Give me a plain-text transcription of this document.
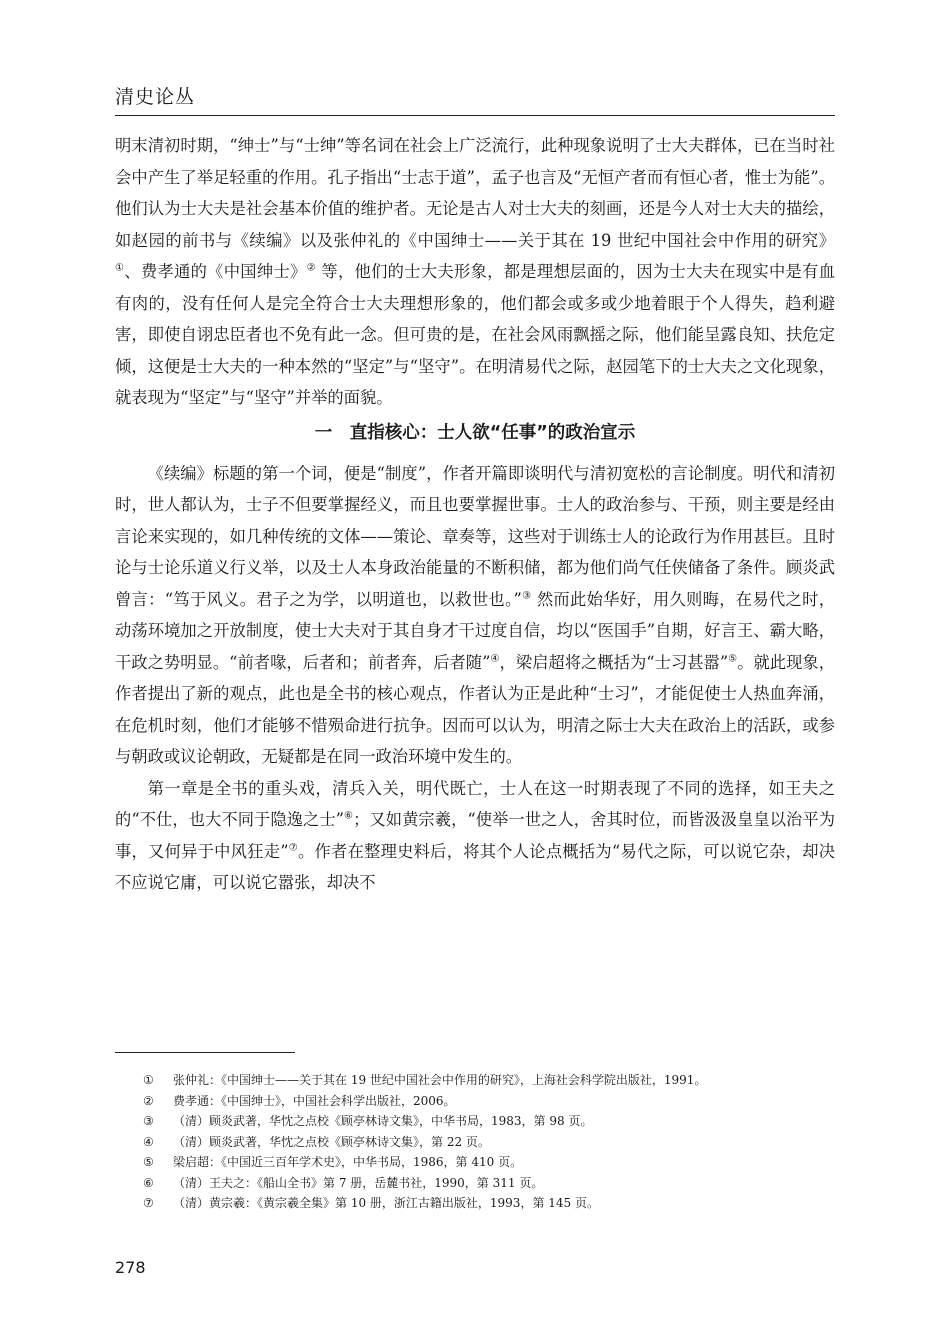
清史论丛

明末清初时期，“绅士”与“士绅”等名词在社会上广泛流行，此种现象说明了士大夫群体，已在当时社会中产生了举足轻重的作用。孔子指出“士志于道”，孟子也言及“无恒产者而有恒心者，惟士为能”。他们认为士大夫是社会基本价值的维护者。无论是古人对士大夫的刻画，还是今人对士大夫的描绘，如赵园的前书与《续编》以及张仲礼的《中国绅士——关于其在 19 世纪中国社会中作用的研究》①、费孝通的《中国绅士》② 等，他们的士大夫形象，都是理想层面的，因为士大夫在现实中是有血有肉的，没有任何人是完全符合士大夫理想形象的，他们都会或多或少地着眼于个人得失，趋利避害，即使自诩忠臣者也不免有此一念。但可贵的是，在社会风雨飘摇之际，他们能呈露良知、扶危定倾，这便是士大夫的一种本然的“坚定”与“坚守”。在明清易代之际，赵园笔下的士大夫之文化现象，就表现为“坚定”与“坚守”并举的面貌。

一　直指核心：士人欲“任事”的政治宣示

《续编》标题的第一个词，便是“制度”，作者开篇即谈明代与清初宽松的言论制度。明代和清初时，世人都认为，士子不但要掌握经义，而且也要掌握世事。士人的政治参与、干预，则主要是经由言论来实现的，如几种传统的文体——策论、章奏等，这些对于训练士人的论政行为作用甚巨。且时论与士论乐道义行义举，以及士人本身政治能量的不断积储，都为他们尚气任侠储备了条件。顾炎武曾言：“笃于风义。君子之为学，以明道也，以救世也。”③ 然而此始华好，用久则晦，在易代之时，动荡环境加之开放制度，使士大夫对于其自身才干过度自信，均以“医国手”自期，好言王、霸大略，干政之势明显。“前者喙，后者和；前者奔，后者随”④，梁启超将之概括为“士习甚嚣”⑤。就此现象，作者提出了新的观点，此也是全书的核心观点，作者认为正是此种“士习”，才能促使士人热血奔涌，在危机时刻，他们才能够不惜殒命进行抗争。因而可以认为，明清之际士大夫在政治上的活跃，或参与朝政或议论朝政，无疑都是在同一政治环境中发生的。

第一章是全书的重头戏，清兵入关，明代既亡，士人在这一时期表现了不同的选择，如王夫之的“不仕，也大不同于隐逸之士”⑥；又如黄宗羲，“使举一世之人，舍其时位，而皆汲汲皇皇以治平为事，又何异于中风狂走”⑦。作者在整理史料后，将其个人论点概括为“易代之际，可以说它杂，却决不应说它庸，可以说它嚣张，却决不

① 张仲礼：《中国绅士——关于其在 19 世纪中国社会中作用的研究》，上海社会科学院出版社，1991。
② 费孝通：《中国绅士》，中国社会科学出版社，2006。
③ （清）顾炎武著，华忱之点校《顾亭林诗文集》，中华书局，1983，第 98 页。
④ （清）顾炎武著，华忱之点校《顾亭林诗文集》，第 22 页。
⑤ 梁启超：《中国近三百年学术史》，中华书局，1986，第 410 页。
⑥ （清）王夫之：《船山全书》第 7 册，岳麓书社，1990，第 311 页。
⑦ （清）黄宗羲：《黄宗羲全集》第 10 册，浙江古籍出版社，1993，第 145 页。
278
